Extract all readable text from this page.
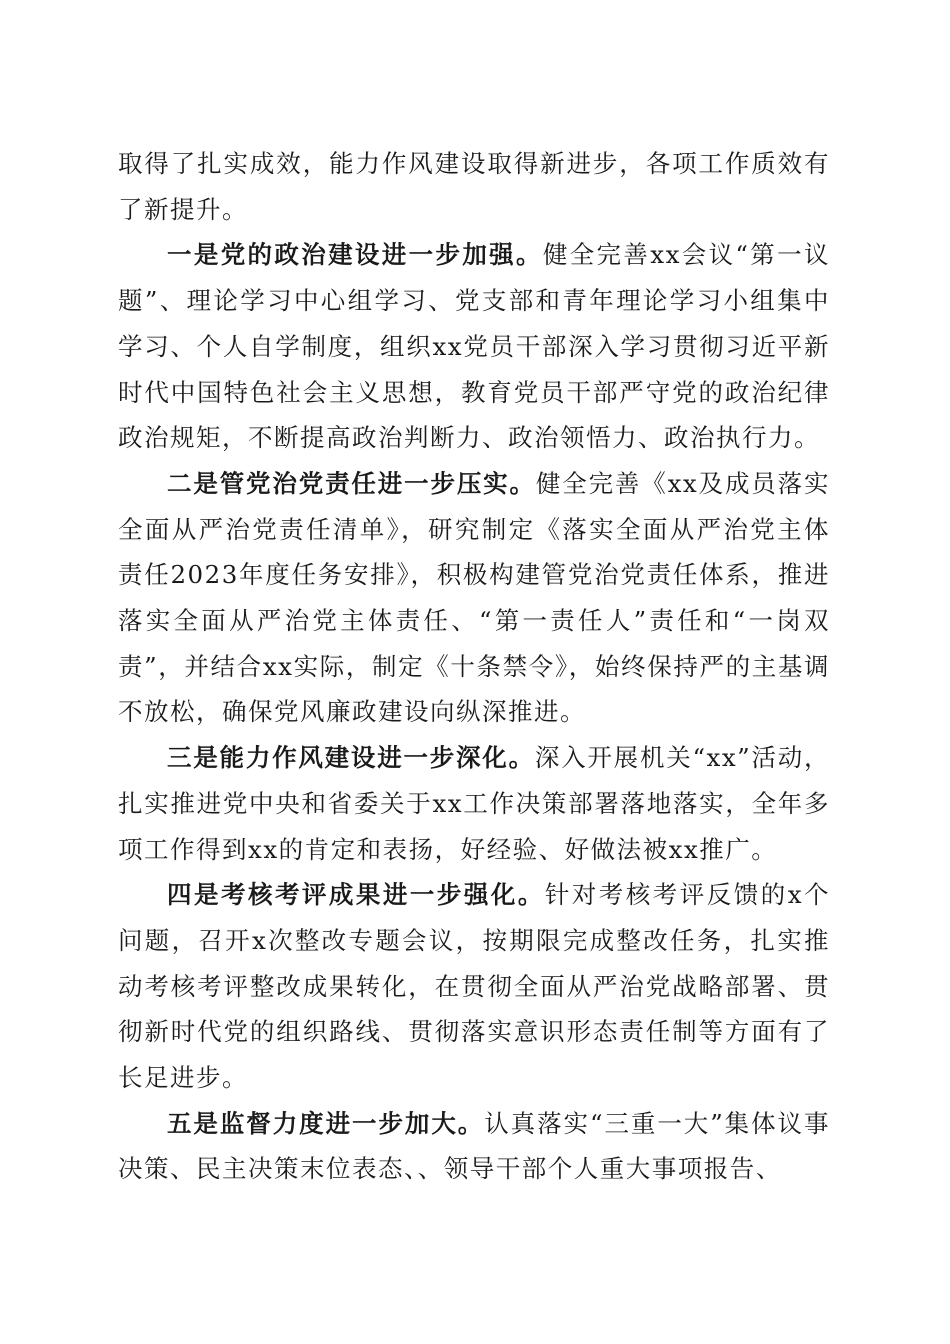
取得了扎实成效，能力作风建设取得新进步，各项工作质效有了新提升。

一是党的政治建设进一步加强。健全完善xx会议“第一议题”、理论学习中心组学习、党支部和青年理论学习小组集中学习、个人自学制度，组织xx党员干部深入学习贯彻习近平新时代中国特色社会主义思想，教育党员干部严守党的政治纪律政治规矩，不断提高政治判断力、政治领悟力、政治执行力。

二是管党治党责任进一步压实。健全完善《xx及成员落实全面从严治党责任清单》，研究制定《落实全面从严治党主体责任2023年度任务安排》，积极构建管党治党责任体系，推进落实全面从严治党主体责任、“第一责任人”责任和“一岗双责”，并结合xx实际，制定《十条禁令》，始终保持严的主基调不放松，确保党风廉政建设向纵深推进。

三是能力作风建设进一步深化。深入开展机关“xx”活动，扎实推进党中央和省委关于xx工作决策部署落地落实，全年多项工作得到xx的肯定和表扬，好经验、好做法被xx推广。

四是考核考评成果进一步强化。针对考核考评反馈的x个问题，召开x次整改专题会议，按期限完成整改任务，扎实推动考核考评整改成果转化，在贯彻全面从严治党战略部署、贯彻新时代党的组织路线、贯彻落实意识形态责任制等方面有了长足进步。

五是监督力度进一步加大。认真落实“三重一大”集体议事决策、民主决策末位表态、、领导干部个人重大事项报告、
